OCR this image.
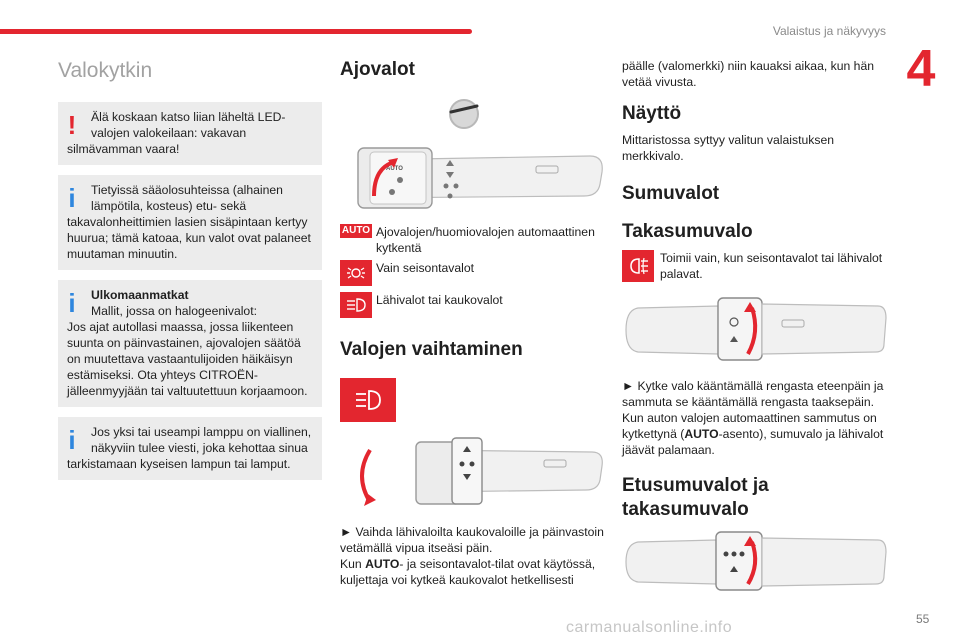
Valaistus ja näkyvyys
4
Valokytkin
!	Älä koskaan katso liian läheltä LED-
valojen valokeilaan: vakavan
silmävamman vaara!
i	Tietyissä sääolosuhteissa (alhainen
lämpötila, kosteus) etu- sekä
takavalonheittimien lasien sisäpintaan kertyy huurua; tämä katoaa, kun valot ovat palaneet muutaman minuutin.
i	Ulkomaanmatkat
Mallit, jossa on halogeenivalot:
Jos ajat autollasi maassa, jossa liikenteen suunta on päinvastainen, ajovalojen säätöä on muutettava vastaantulijoiden häikäisyn estämiseksi. Ota yhteys CITROËN-jälleenmyyjään tai valtuutettuun korjaamoon.
i	Jos yksi tai useampi lamppu on viallinen,
näkyviin tulee viesti, joka kehottaa sinua
tarkistamaan kyseisen lampun tai lamput.
Ajovalot
AUTO
AUTO Ajovalojen/huomiovalojen automaattinen kytkentä
Vain seisontavalot
Lähivalot tai kaukovalot
Valojen vaihtaminen

► Vaihda lähivaloilta kaukovaloille ja päinvastoin vetämällä vipua itseäsi päin.

Kun AUTO- ja seisontavalot-tilat ovat käytössä, kuljettaja voi kytkeä kaukovalot hetkellisesti

päälle (valomerkki) niin kauaksi aikaa, kun hän vetää vivusta.

Näyttö

Mittaristossa syttyy valitun valaistuksen merkkivalo.

Sumuvalot
Takasumuvalo
Toimii vain, kun seisontavalot tai lähivalot palavat.

► Kytke valo kääntämällä rengasta eteenpäin ja sammuta se kääntämällä rengasta taaksepäin.

Kun auton valojen automaattinen sammutus on kytkettynä (AUTO-asento), sumuvalo ja lähivalot jäävät palamaan.

Etusumuvalot ja takasumuvalo
carmanualsonline.info	55
